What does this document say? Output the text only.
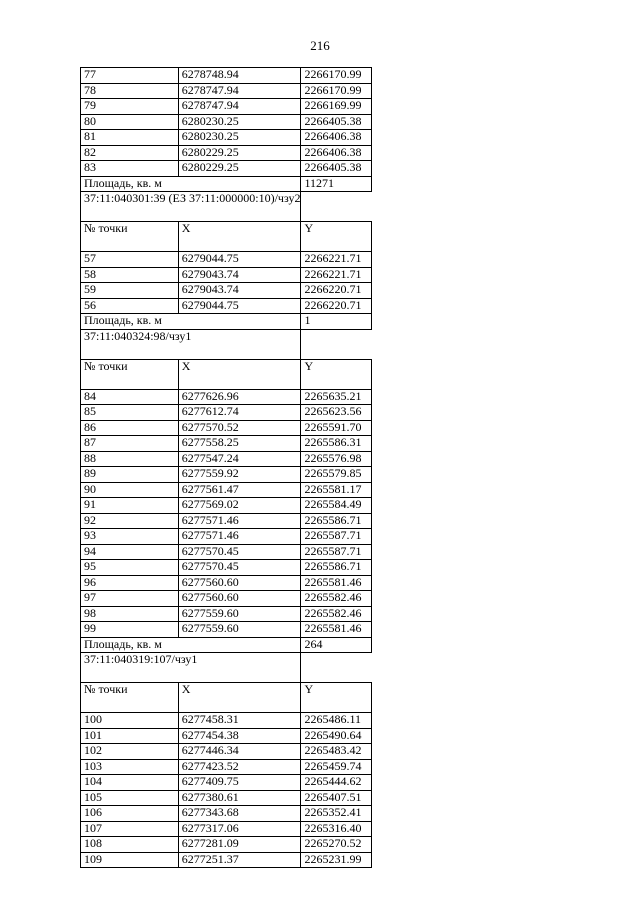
216
77	6278748.94	2266170.99
78	6278747.94	2266170.99
79	6278747.94	2266169.99
80	6280230.25	2266405.38
81	6280230.25	2266406.38
82	6280229.25	2266406.38
83	6280229.25	2266405.38
Площадь, кв. м		11271
37:11:040301:39 (ЕЗ 37:11:000000:10)/чзу2		
№ точки	X	Y
57	6279044.75	2266221.71
58	6279043.74	2266221.71
59	6279043.74	2266220.71
56	6279044.75	2266220.71
Площадь, кв. м		1
37:11:040324:98/чзу1		
№ точки	X	Y
84	6277626.96	2265635.21
85	6277612.74	2265623.56
86	6277570.52	2265591.70
87	6277558.25	2265586.31
88	6277547.24	2265576.98
89	6277559.92	2265579.85
90	6277561.47	2265581.17
91	6277569.02	2265584.49
92	6277571.46	2265586.71
93	6277571.46	2265587.71
94	6277570.45	2265587.71
95	6277570.45	2265586.71
96	6277560.60	2265581.46
97	6277560.60	2265582.46
98	6277559.60	2265582.46
99	6277559.60	2265581.46
Площадь, кв. м		264
37:11:040319:107/чзу1		
№ точки	X	Y
100	6277458.31	2265486.11
101	6277454.38	2265490.64
102	6277446.34	2265483.42
103	6277423.52	2265459.74
104	6277409.75	2265444.62
105	6277380.61	2265407.51
106	6277343.68	2265352.41
107	6277317.06	2265316.40
108	6277281.09	2265270.52
109	6277251.37	2265231.99
